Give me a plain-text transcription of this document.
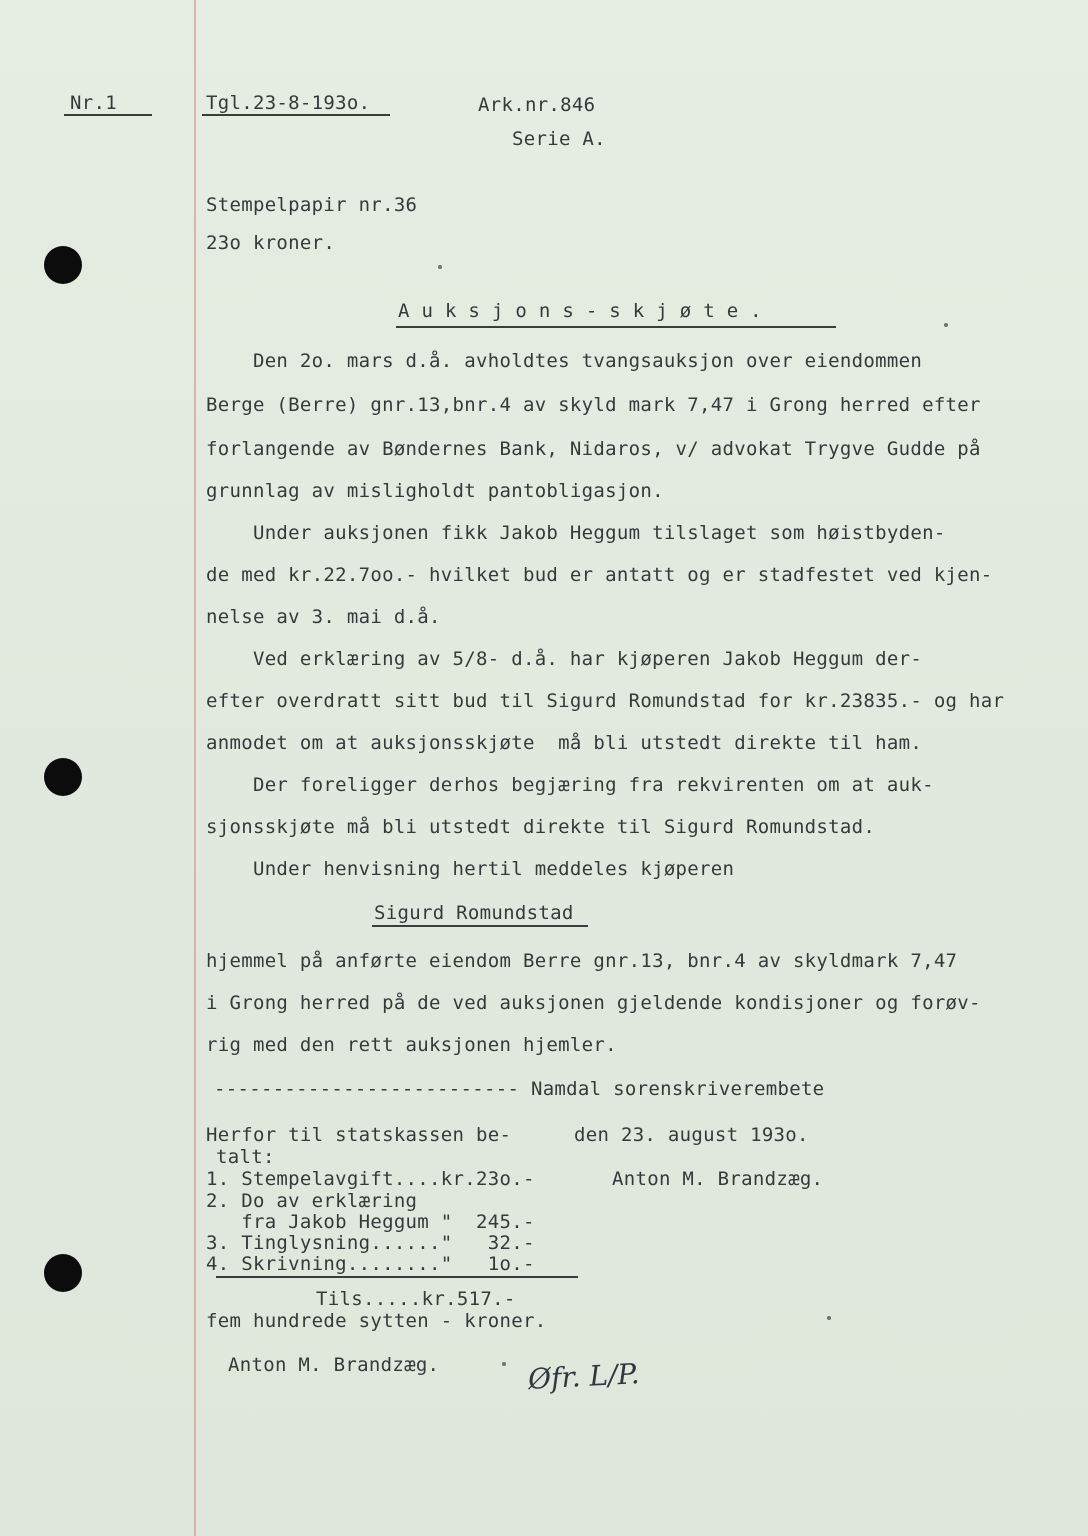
Nr.1	Tgl.23-8-193o.	Ark.nr.846
Serie A.
Stempelpapir nr.36
23o kroner.
A u k s j o n s - s k j ø t e .
Den 2o. mars d.å. avholdtes tvangsauksjon over eiendommen
Berge (Berre) gnr.13,bnr.4 av skyld mark 7,47 i Grong herred efter
forlangende av Bøndernes Bank, Nidaros, v/ advokat Trygve Gudde på
grunnlag av misligholdt pantobligasjon.
Under auksjonen fikk Jakob Heggum tilslaget som høistbyden-
de med kr.22.7oo.- hvilket bud er antatt og er stadfestet ved kjen-
nelse av 3. mai d.å.
Ved erklæring av 5/8- d.å. har kjøperen Jakob Heggum der-
efter overdratt sitt bud til Sigurd Romundstad for kr.23835.- og har
anmodet om at auksjonsskjøte  må bli utstedt direkte til ham.
Der foreligger derhos begjæring fra rekvirenten om at auk-
sjonsskjøte må bli utstedt direkte til Sigurd Romundstad.
Under henvisning hertil meddeles kjøperen
Sigurd Romundstad
hjemmel på anførte eiendom Berre gnr.13, bnr.4 av skyldmark 7,47
i Grong herred på de ved auksjonen gjeldende kondisjoner og forøv-
rig med den rett auksjonen hjemler.
-------------------------- Namdal sorenskriverembete
Herfor til statskassen be-	den 23. august 193o.
talt:
1. Stempelavgift....kr.23o.-	Anton M. Brandzæg.
2. Do av erklæring
fra Jakob Heggum "  245.-
3. Tinglysning......"   32.-
4. Skrivning........"   1o.-
Tils.....kr.517.-
fem hundrede sytten - kroner.
Anton M. Brandzæg.	Øfr. L/P.
